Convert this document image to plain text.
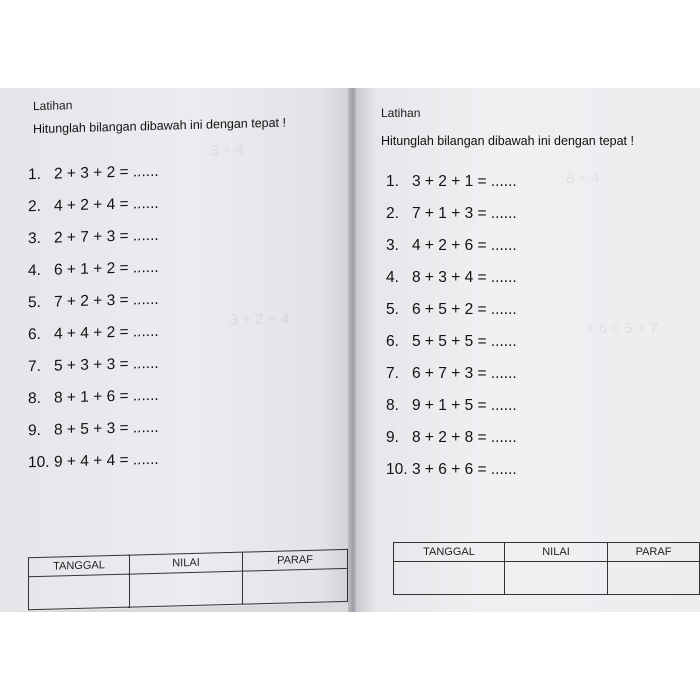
3 + 4
3 + 2 − 4
Latihan
Hitunglah bilangan dibawah ini dengan tepat !
1. 2 + 3 + 2 = ......
2. 4 + 2 + 4 = ......
3. 2 + 7 + 3 = ......
4. 6 + 1 + 2 = ......
5. 7 + 2 + 3 = ......
6. 4 + 4 + 2 = ......
7. 5 + 3 + 3 = ......
8. 8 + 1 + 6 = ......
9. 8 + 5 + 3 = ......
10. 9 + 4 + 4 = ......
TANGGAL	NILAI	PARAF

8 + 4
+ 6 = 5 + 7
Latihan
Hitunglah bilangan dibawah ini dengan tepat !
1. 3 + 2 + 1 = ......
2. 7 + 1 + 3 = ......
3. 4 + 2 + 6 = ......
4. 8 + 3 + 4 = ......
5. 6 + 5 + 2 = ......
6. 5 + 5 + 5 = ......
7. 6 + 7 + 3 = ......
8. 9 + 1 + 5 = ......
9. 8 + 2 + 8 = ......
10. 3 + 6 + 6 = ......
TANGGAL	NILAI	PARAF
